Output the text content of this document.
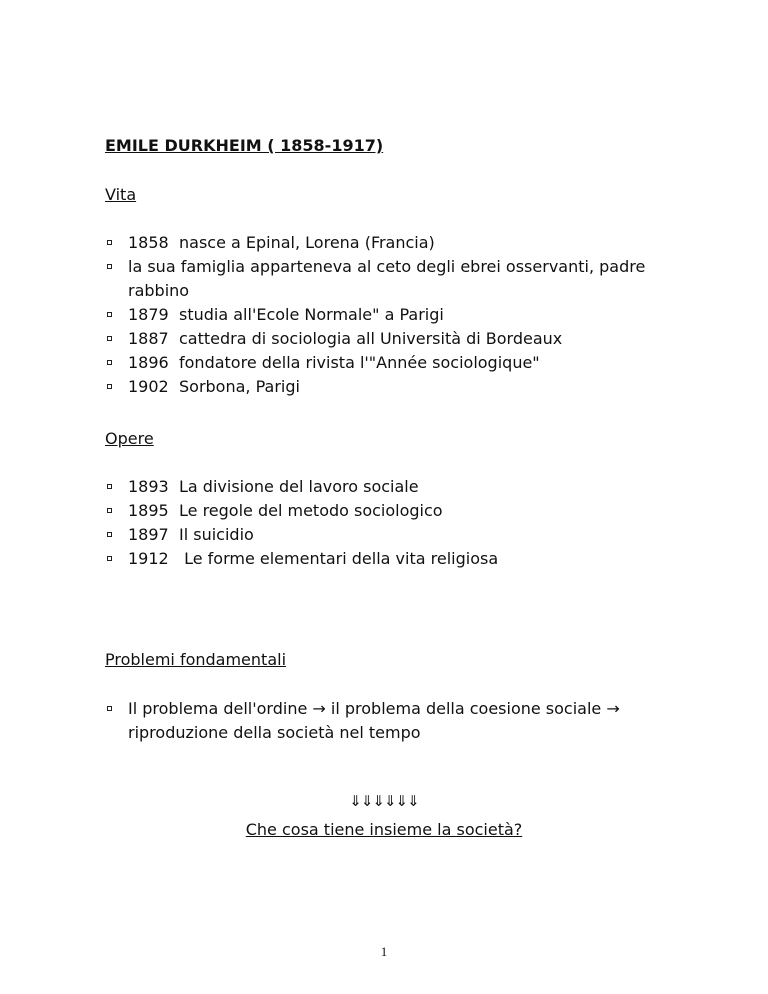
EMILE DURKHEIM ( 1858-1917)
Vita
1858 nasce a Epinal, Lorena (Francia)
la sua famiglia apparteneva al ceto degli ebrei osservanti, padre rabbino
1879 studia all'Ecole Normale" a Parigi
1887 cattedra di sociologia all Università di Bordeaux
1896 fondatore della rivista l'"Année sociologique"
1902 Sorbona, Parigi
Opere
1893 La divisione del lavoro sociale
1895 Le regole del metodo sociologico
1897 Il suicidio
1912 Le forme elementari della vita religiosa
Problemi fondamentali
Il problema dell'ordine → il problema della coesione sociale → riproduzione della società nel tempo
⇓⇓⇓⇓⇓⇓
Che cosa tiene insieme la società?
1
